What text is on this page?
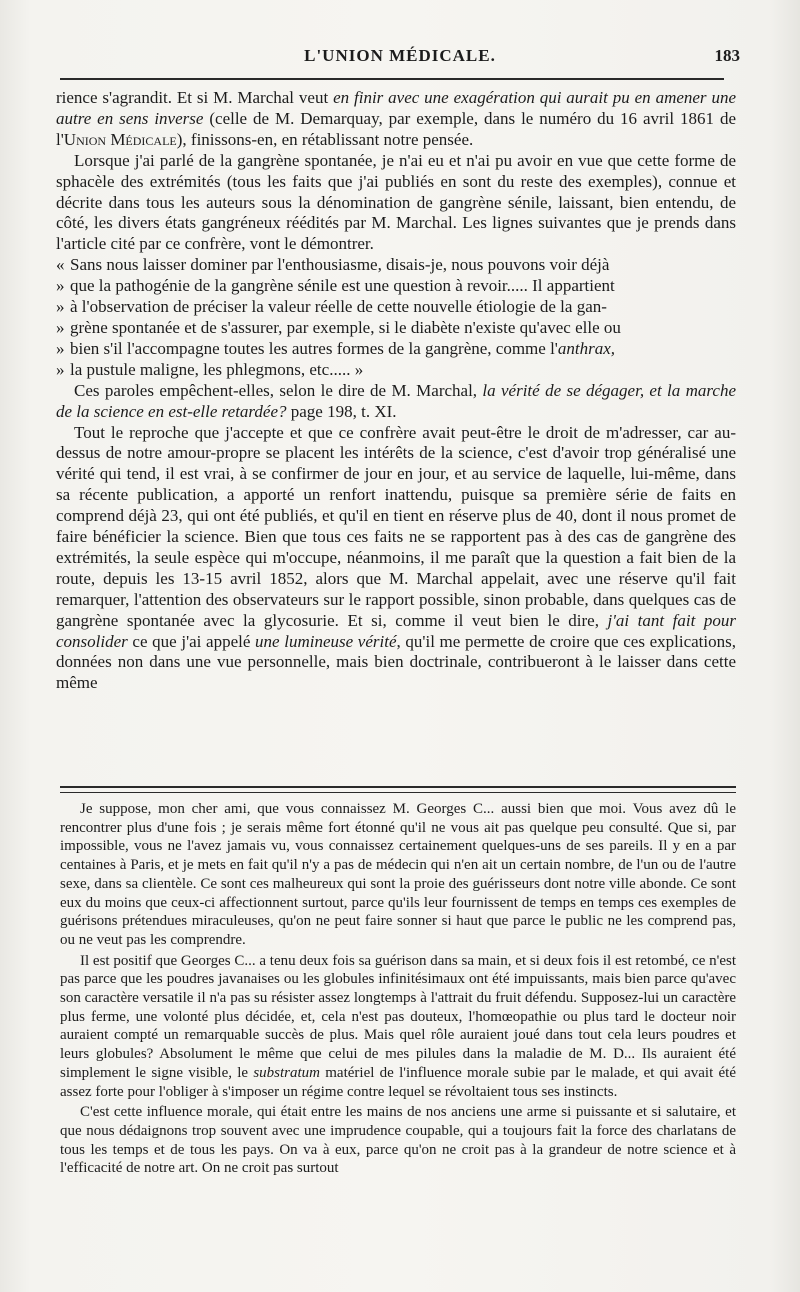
L'UNION MÉDICALE.	183

rience s'agrandit. Et si M. Marchal veut en finir avec une exagération qui aurait pu en amener une autre en sens inverse (celle de M. Demarquay, par exemple, dans le numéro du 16 avril 1861 de l'Union Médicale), finissons-en, en rétablissant notre pensée.

Lorsque j'ai parlé de la gangrène spontanée, je n'ai eu et n'ai pu avoir en vue que cette forme de sphacèle des extrémités (tous les faits que j'ai publiés en sont du reste des exemples), connue et décrite dans tous les auteurs sous la dénomination de gangrène sénile, laissant, bien entendu, de côté, les divers états gangréneux réédités par M. Marchal. Les lignes suivantes que je prends dans l'article cité par ce confrère, vont le démontrer.

« Sans nous laisser dominer par l'enthousiasme, disais-je, nous pouvons voir déjà
» que la pathogénie de la gangrène sénile est une question à revoir..... Il appartient
» à l'observation de préciser la valeur réelle de cette nouvelle étiologie de la gan-
» grène spontanée et de s'assurer, par exemple, si le diabète n'existe qu'avec elle ou
» bien s'il l'accompagne toutes les autres formes de la gangrène, comme l'anthrax,
» la pustule maligne, les phlegmons, etc..... »

Ces paroles empêchent-elles, selon le dire de M. Marchal, la vérité de se dégager, et la marche de la science en est-elle retardée? page 198, t. XI.

Tout le reproche que j'accepte et que ce confrère avait peut-être le droit de m'adresser, car au-dessus de notre amour-propre se placent les intérêts de la science, c'est d'avoir trop généralisé une vérité qui tend, il est vrai, à se confirmer de jour en jour, et au service de laquelle, lui-même, dans sa récente publication, a apporté un renfort inattendu, puisque sa première série de faits en comprend déjà 23, qui ont été publiés, et qu'il en tient en réserve plus de 40, dont il nous promet de faire bénéficier la science. Bien que tous ces faits ne se rapportent pas à des cas de gangrène des extrémités, la seule espèce qui m'occupe, néanmoins, il me paraît que la question a fait bien de la route, depuis les 13-15 avril 1852, alors que M. Marchal appelait, avec une réserve qu'il fait remarquer, l'attention des observateurs sur le rapport possible, sinon probable, dans quelques cas de gangrène spontanée avec la glycosurie. Et si, comme il veut bien le dire, j'ai tant fait pour consolider ce que j'ai appelé une lumineuse vérité, qu'il me permette de croire que ces explications, données non dans une vue personnelle, mais bien doctrinale, contribueront à le laisser dans cette même

Je suppose, mon cher ami, que vous connaissez M. Georges C... aussi bien que moi. Vous avez dû le rencontrer plus d'une fois ; je serais même fort étonné qu'il ne vous ait pas quelque peu consulté. Que si, par impossible, vous ne l'avez jamais vu, vous connaissez certainement quelques-uns de ses pareils. Il y en a par centaines à Paris, et je mets en fait qu'il n'y a pas de médecin qui n'en ait un certain nombre, de l'un ou de l'autre sexe, dans sa clientèle. Ce sont ces malheureux qui sont la proie des guérisseurs dont notre ville abonde. Ce sont eux du moins que ceux-ci affectionnent surtout, parce qu'ils leur fournissent de temps en temps ces exemples de guérisons prétendues miraculeuses, qu'on ne peut faire sonner si haut que parce le public ne les comprend pas, ou ne veut pas les comprendre.

Il est positif que Georges C... a tenu deux fois sa guérison dans sa main, et si deux fois il est retombé, ce n'est pas parce que les poudres javanaises ou les globules infinitésimaux ont été impuissants, mais bien parce qu'avec son caractère versatile il n'a pas su résister assez longtemps à l'attrait du fruit défendu. Supposez-lui un caractère plus ferme, une volonté plus décidée, et, cela n'est pas douteux, l'homœopathie ou plus tard le docteur noir auraient compté un remarquable succès de plus. Mais quel rôle auraient joué dans tout cela leurs poudres et leurs globules? Absolument le même que celui de mes pilules dans la maladie de M. D... Ils auraient été simplement le signe visible, le substratum matériel de l'influence morale subie par le malade, et qui avait été assez forte pour l'obliger à s'imposer un régime contre lequel se révoltaient tous ses instincts.

C'est cette influence morale, qui était entre les mains de nos anciens une arme si puissante et si salutaire, et que nous dédaignons trop souvent avec une imprudence coupable, qui a toujours fait la force des charlatans de tous les temps et de tous les pays. On va à eux, parce qu'on ne croit pas à la grandeur de notre science et à l'efficacité de notre art. On ne croit pas surtout
